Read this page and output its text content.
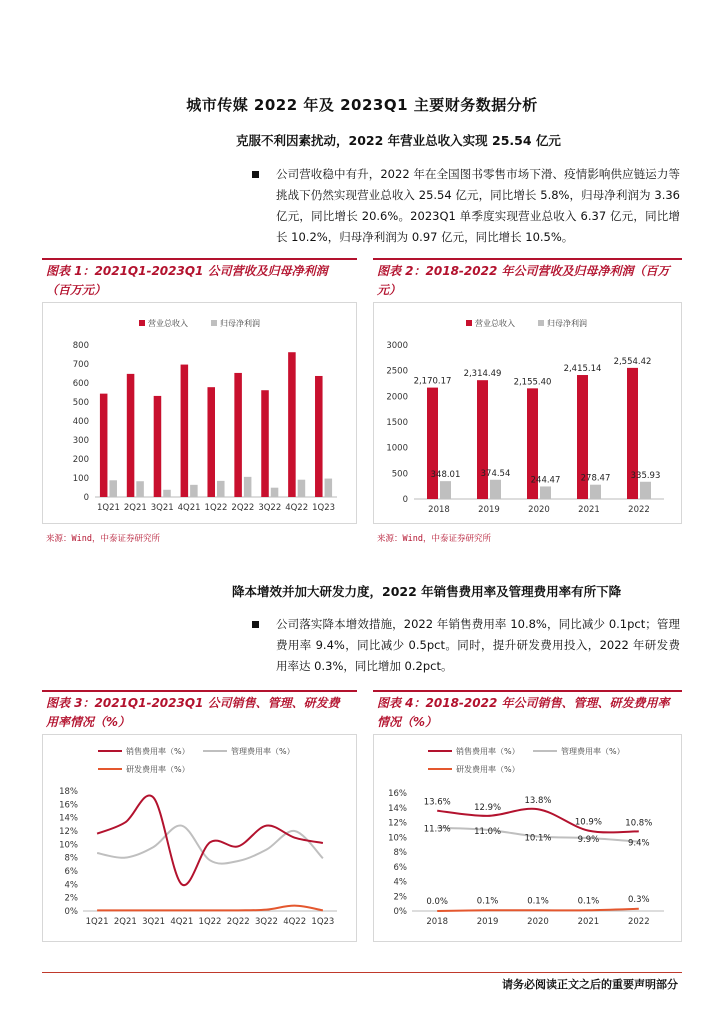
城市传媒 2022 年及 2023Q1 主要财务数据分析
克服不利因素扰动，2022 年营业总收入实现 25.54 亿元
公司营收稳中有升，2022 年在全国图书零售市场下滑、疫情影响供应链运力等挑战下仍然实现营业总收入 25.54 亿元，同比增长 5.8%，归母净利润为 3.36 亿元，同比增长 20.6%。2023Q1 单季度实现营业总收入 6.37 亿元，同比增长 10.2%，归母净利润为 0.97 亿元，同比增长 10.5%。
图表 1：2021Q1-2023Q1 公司营收及归母净利润（百万元）
营业总收入	归母净利润
0
100
200
300
400
500
600
700
800
1Q21 2Q21 3Q21 4Q21 1Q22 2Q22 3Q22 4Q22 1Q23
来源：Wind，中泰证券研究所
图表 2：2018-2022 年公司营收及归母净利润（百万元）
营业总收入	归母净利润
0
500
1000
1500
2000
2500
3000
2,170.17
348.01
2018
2,314.49
374.54
2019
2,155.40
244.47
2020
2,415.14
278.47
2021
2,554.42
335.93
2022
来源：Wind，中泰证券研究所
降本增效并加大研发力度，2022 年销售费用率及管理费用率有所下降
公司落实降本增效措施，2022 年销售费用率 10.8%，同比减少 0.1pct；管理费用率 9.4%，同比减少 0.5pct。同时，提升研发费用投入，2022 年研发费用率达 0.3%，同比增加 0.2pct。
图表 3：2021Q1-2023Q1 公司销售、管理、研发费用率情况（%）
销售费用率（%）	管理费用率（%）
研发费用率（%）
0%
2%
4%
6%
8%
10%
12%
14%
16%
18%
1Q21 2Q21 3Q21 4Q21 1Q22 2Q22 3Q22 4Q22 1Q23
图表 4：2018-2022 年公司销售、管理、研发费用率情况（%）
销售费用率（%）	管理费用率（%）
研发费用率（%）
0%
2%
4%
6%
8%
10%
12%
14%
16%
2018	2019	2020	2021	2022
13.6%
12.9%
13.8%
10.9%	10.8%
11.3%	11.0%
10.1%	9.9%	9.4%
0.0%	0.1%	0.1%	0.1%	0.3%
请务必阅读正文之后的重要声明部分
